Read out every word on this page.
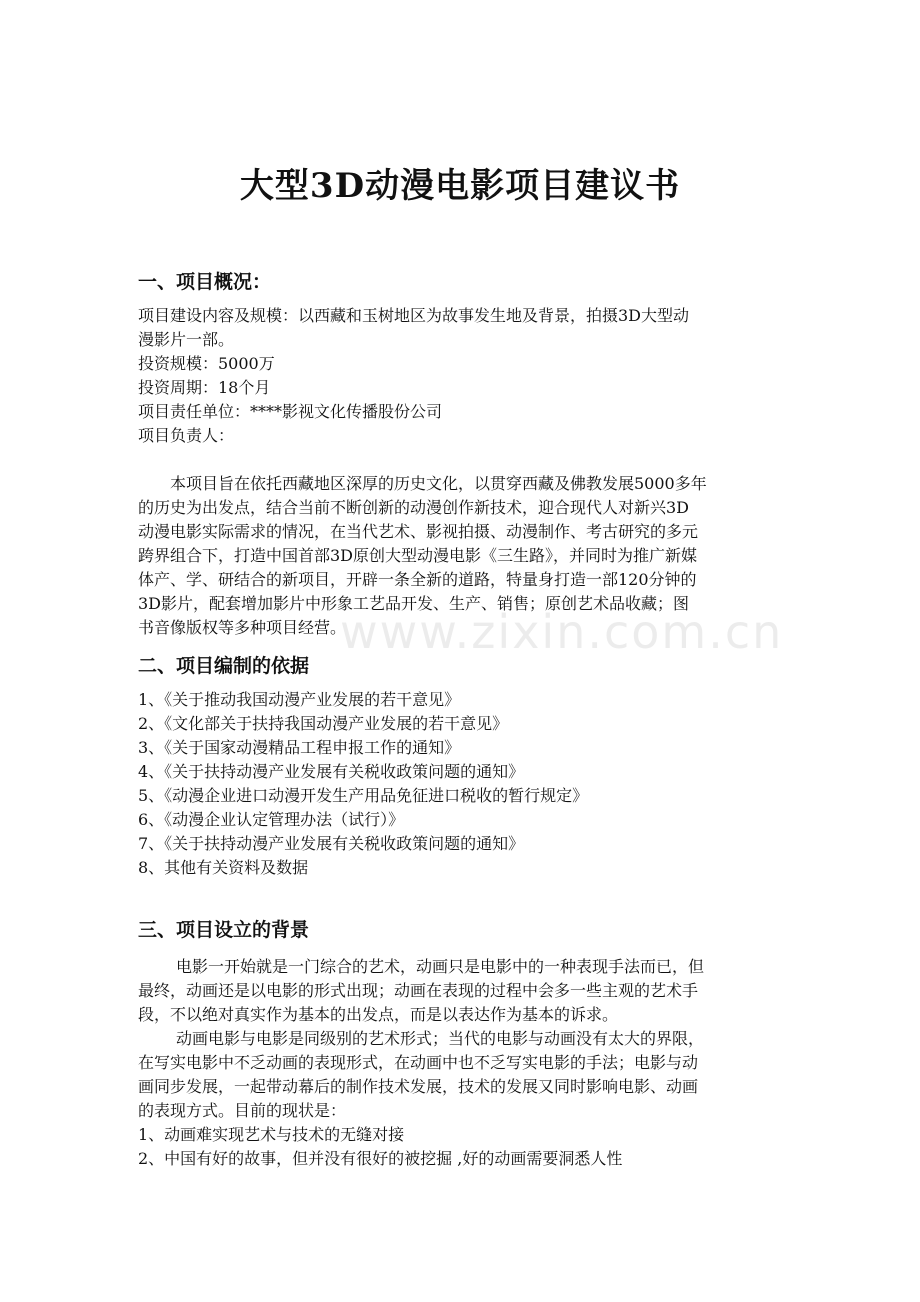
大型3D动漫电影项目建议书
一、项目概况：
项目建设内容及规模：以西藏和玉树地区为故事发生地及背景，拍摄3D大型动
漫影片一部。
投资规模：5000万
投资周期：18个月
项目责任单位：****影视文化传播股份公司
项目负责人：
本项目旨在依托西藏地区深厚的历史文化，以贯穿西藏及佛教发展5000多年
的历史为出发点，结合当前不断创新的动漫创作新技术，迎合现代人对新兴3D
动漫电影实际需求的情况，在当代艺术、影视拍摄、动漫制作、考古研究的多元
跨界组合下，打造中国首部3D原创大型动漫电影《三生路》，并同时为推广新媒
体产、学、研结合的新项目，开辟一条全新的道路，特量身打造一部120分钟的
3D影片，配套增加影片中形象工艺品开发、生产、销售；原创艺术品收藏；图
书音像版权等多种项目经营。
二、项目编制的依据
1、《关于推动我国动漫产业发展的若干意见》
2、《文化部关于扶持我国动漫产业发展的若干意见》
3、《关于国家动漫精品工程申报工作的通知》
4、《关于扶持动漫产业发展有关税收政策问题的通知》
5、《动漫企业进口动漫开发生产用品免征进口税收的暂行规定》
6、《动漫企业认定管理办法（试行）》
7、《关于扶持动漫产业发展有关税收政策问题的通知》
8、其他有关资料及数据
三、项目设立的背景
电影一开始就是一门综合的艺术，动画只是电影中的一种表现手法而已，但
最终，动画还是以电影的形式出现；动画在表现的过程中会多一些主观的艺术手
段，不以绝对真实作为基本的出发点，而是以表达作为基本的诉求。
动画电影与电影是同级别的艺术形式；当代的电影与动画没有太大的界限，
在写实电影中不乏动画的表现形式，在动画中也不乏写实电影的手法；电影与动
画同步发展，一起带动幕后的制作技术发展，技术的发展又同时影响电影、动画
的表现方式。目前的现状是：
1、动画难实现艺术与技术的无缝对接
2、中国有好的故事，但并没有很好的被挖掘 ,好的动画需要洞悉人性
www.zixin.com.cn
